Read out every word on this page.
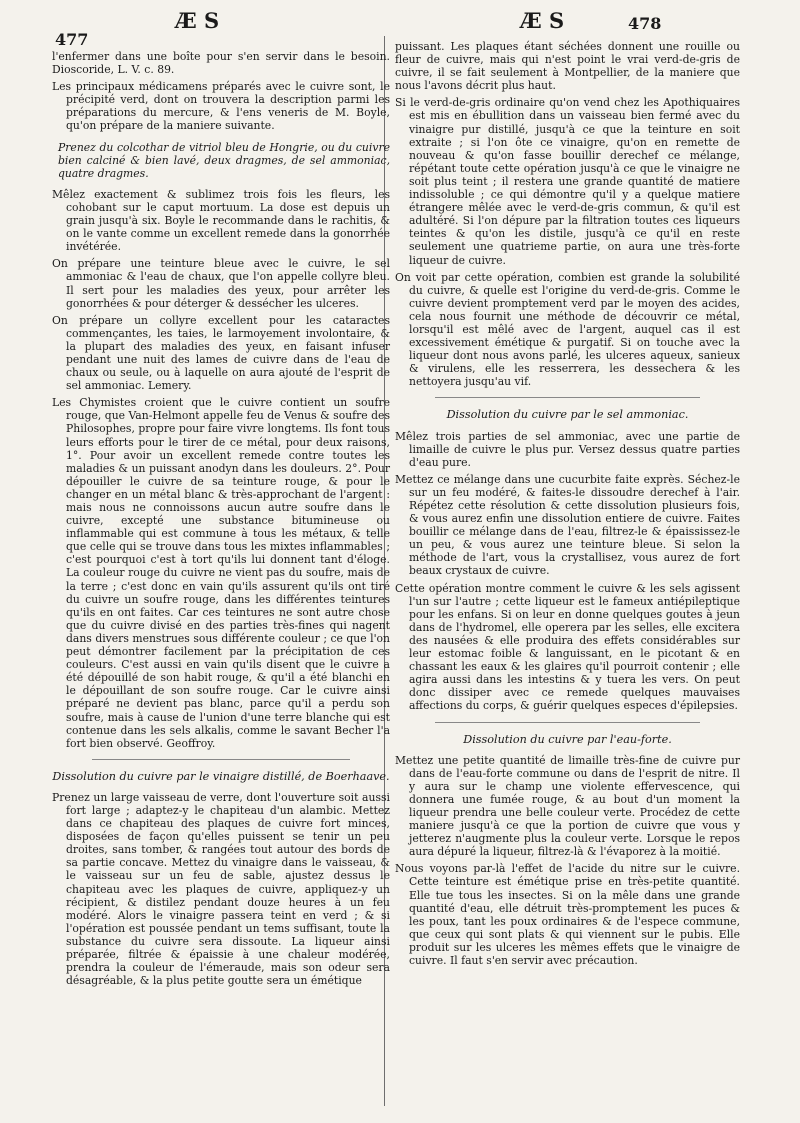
Æ S	Æ S
477
478

l'enfermer dans une boîte pour s'en servir dans le besoin. Dioscoride, L. V. c. 89.

Les principaux médicamens préparés avec le cuivre sont, le précipité verd, dont on trouvera la description parmi les préparations du mercure, & l'ens veneris de M. Boyle, qu'on prépare de la maniere suivante.

Prenez du colcothar de vitriol bleu de Hongrie, ou du cuivre bien calciné & bien lavé, deux dragmes, de sel ammoniac, quatre dragmes.

Mêlez exactement & sublimez trois fois les fleurs, les cohobant sur le caput mortuum. La dose est depuis un grain jusqu'à six. Boyle le recommande dans le rachitis, & on le vante comme un excellent remede dans la gonorrhée invétérée.

On prépare une teinture bleue avec le cuivre, le sel ammoniac & l'eau de chaux, que l'on appelle collyre bleu. Il sert pour les maladies des yeux, pour arrêter les gonorrhées & pour déterger & dessécher les ulceres.

On prépare un collyre excellent pour les cataractes commençantes, les taies, le larmoyement involontaire, & la plupart des maladies des yeux, en faisant infuser pendant une nuit des lames de cuivre dans de l'eau de chaux ou seule, ou à laquelle on aura ajouté de l'esprit de sel ammoniac. Lemery.

Les Chymistes croient que le cuivre contient un soufre rouge, que Van-Helmont appelle feu de Venus & soufre des Philosophes, propre pour faire vivre longtems. Ils font tous leurs efforts pour le tirer de ce métal, pour deux raisons, 1°. Pour avoir un excellent remede contre toutes les maladies & un puissant anodyn dans les douleurs. 2°. Pour dépouiller le cuivre de sa teinture rouge, & pour le changer en un métal blanc & très-approchant de l'argent : mais nous ne connoissons aucun autre soufre dans le cuivre, excepté une substance bitumineuse ou inflammable qui est commune à tous les métaux, & telle que celle qui se trouve dans tous les mixtes inflammables ; c'est pourquoi c'est à tort qu'ils lui donnent tant d'éloge. La couleur rouge du cuivre ne vient pas du soufre, mais de la terre ; c'est donc en vain qu'ils assurent qu'ils ont tiré du cuivre un soufre rouge, dans les différentes teintures qu'ils en ont faites. Car ces teintures ne sont autre chose que du cuivre divisé en des parties très-fines qui nagent dans divers menstrues sous différente couleur ; ce que l'on peut démontrer facilement par la précipitation de ces couleurs. C'est aussi en vain qu'ils disent que le cuivre a été dépouillé de son habit rouge, & qu'il a été blanchi en le dépouillant de son soufre rouge. Car le cuivre ainsi préparé ne devient pas blanc, parce qu'il a perdu son soufre, mais à cause de l'union d'une terre blanche qui est contenue dans les sels alkalis, comme le savant Becher l'a fort bien observé. Geoffroy.

Dissolution du cuivre par le vinaigre distillé, de Boerhaave.

Prenez un large vaisseau de verre, dont l'ouverture soit aussi fort large ; adaptez-y le chapiteau d'un alambic. Mettez dans ce chapiteau des plaques de cuivre fort minces, disposées de façon qu'elles puissent se tenir un peu droites, sans tomber, & rangées tout autour des bords de sa partie concave. Mettez du vinaigre dans le vaisseau, & le vaisseau sur un feu de sable, ajustez dessus le chapiteau avec les plaques de cuivre, appliquez-y un récipient, & distilez pendant douze heures à un feu modéré. Alors le vinaigre passera teint en verd ; & si l'opération est poussée pendant un tems suffisant, toute la substance du cuivre sera dissoute. La liqueur ainsi préparée, filtrée & épaissie à une chaleur modérée, prendra la couleur de l'émeraude, mais son odeur sera désagréable, & la plus petite goutte sera un émétique

puissant. Les plaques étant séchées donnent une rouille ou fleur de cuivre, mais qui n'est point le vrai verd-de-gris de cuivre, il se fait seulement à Montpellier, de la maniere que nous l'avons décrit plus haut.

Si le verd-de-gris ordinaire qu'on vend chez les Apothiquaires est mis en ébullition dans un vaisseau bien fermé avec du vinaigre pur distillé, jusqu'à ce que la teinture en soit extraite ; si l'on ôte ce vinaigre, qu'on en remette de nouveau & qu'on fasse bouillir derechef ce mélange, répétant toute cette opération jusqu'à ce que le vinaigre ne soit plus teint ; il restera une grande quantité de matiere indissoluble ; ce qui démontre qu'il y a quelque matiere étrangere mêlée avec le verd-de-gris commun, & qu'il est adultéré. Si l'on dépure par la filtration toutes ces liqueurs teintes & qu'on les distile, jusqu'à ce qu'il en reste seulement une quatrieme partie, on aura une très-forte liqueur de cuivre.

On voit par cette opération, combien est grande la solubilité du cuivre, & quelle est l'origine du verd-de-gris. Comme le cuivre devient promptement verd par le moyen des acides, cela nous fournit une méthode de découvrir ce métal, lorsqu'il est mêlé avec de l'argent, auquel cas il est excessivement émétique & purgatif. Si on touche avec la liqueur dont nous avons parlé, les ulceres aqueux, sanieux & virulens, elle les resserrera, les dessechera & les nettoyera jusqu'au vif.

Dissolution du cuivre par le sel ammoniac.

Mêlez trois parties de sel ammoniac, avec une partie de limaille de cuivre le plus pur. Versez dessus quatre parties d'eau pure.

Mettez ce mélange dans une cucurbite faite exprès. Séchez-le sur un feu modéré, & faites-le dissoudre derechef à l'air. Répétez cette résolution & cette dissolution plusieurs fois, & vous aurez enfin une dissolution entiere de cuivre. Faites bouillir ce mélange dans de l'eau, filtrez-le & épaississez-le un peu, & vous aurez une teinture bleue. Si selon la méthode de l'art, vous la crystallisez, vous aurez de fort beaux crystaux de cuivre.

Cette opération montre comment le cuivre & les sels agissent l'un sur l'autre ; cette liqueur est le fameux antiépileptique pour les enfans. Si on leur en donne quelques goutes à jeun dans de l'hydromel, elle operera par les selles, elle excitera des nausées & elle produira des effets considérables sur leur estomac foible & languissant, en le picotant & en chassant les eaux & les glaires qu'il pourroit contenir ; elle agira aussi dans les intestins & y tuera les vers. On peut donc dissiper avec ce remede quelques mauvaises affections du corps, & guérir quelques especes d'épilepsies.

Dissolution du cuivre par l'eau-forte.

Mettez une petite quantité de limaille très-fine de cuivre pur dans de l'eau-forte commune ou dans de l'esprit de nitre. Il y aura sur le champ une violente effervescence, qui donnera une fumée rouge, & au bout d'un moment la liqueur prendra une belle couleur verte. Procédez de cette maniere jusqu'à ce que la portion de cuivre que vous y jetterez n'augmente plus la couleur verte. Lorsque le repos aura dépuré la liqueur, filtrez-là & l'évaporez à la moitié.

Nous voyons par-là l'effet de l'acide du nitre sur le cuivre. Cette teinture est émétique prise en très-petite quantité. Elle tue tous les insectes. Si on la mêle dans une grande quantité d'eau, elle détruit très-promptement les puces & les poux, tant les poux ordinaires & de l'espece commune, que ceux qui sont plats & qui viennent sur le pubis. Elle produit sur les ulceres les mêmes effets que le vinaigre de cuivre. Il faut s'en servir avec précaution.
